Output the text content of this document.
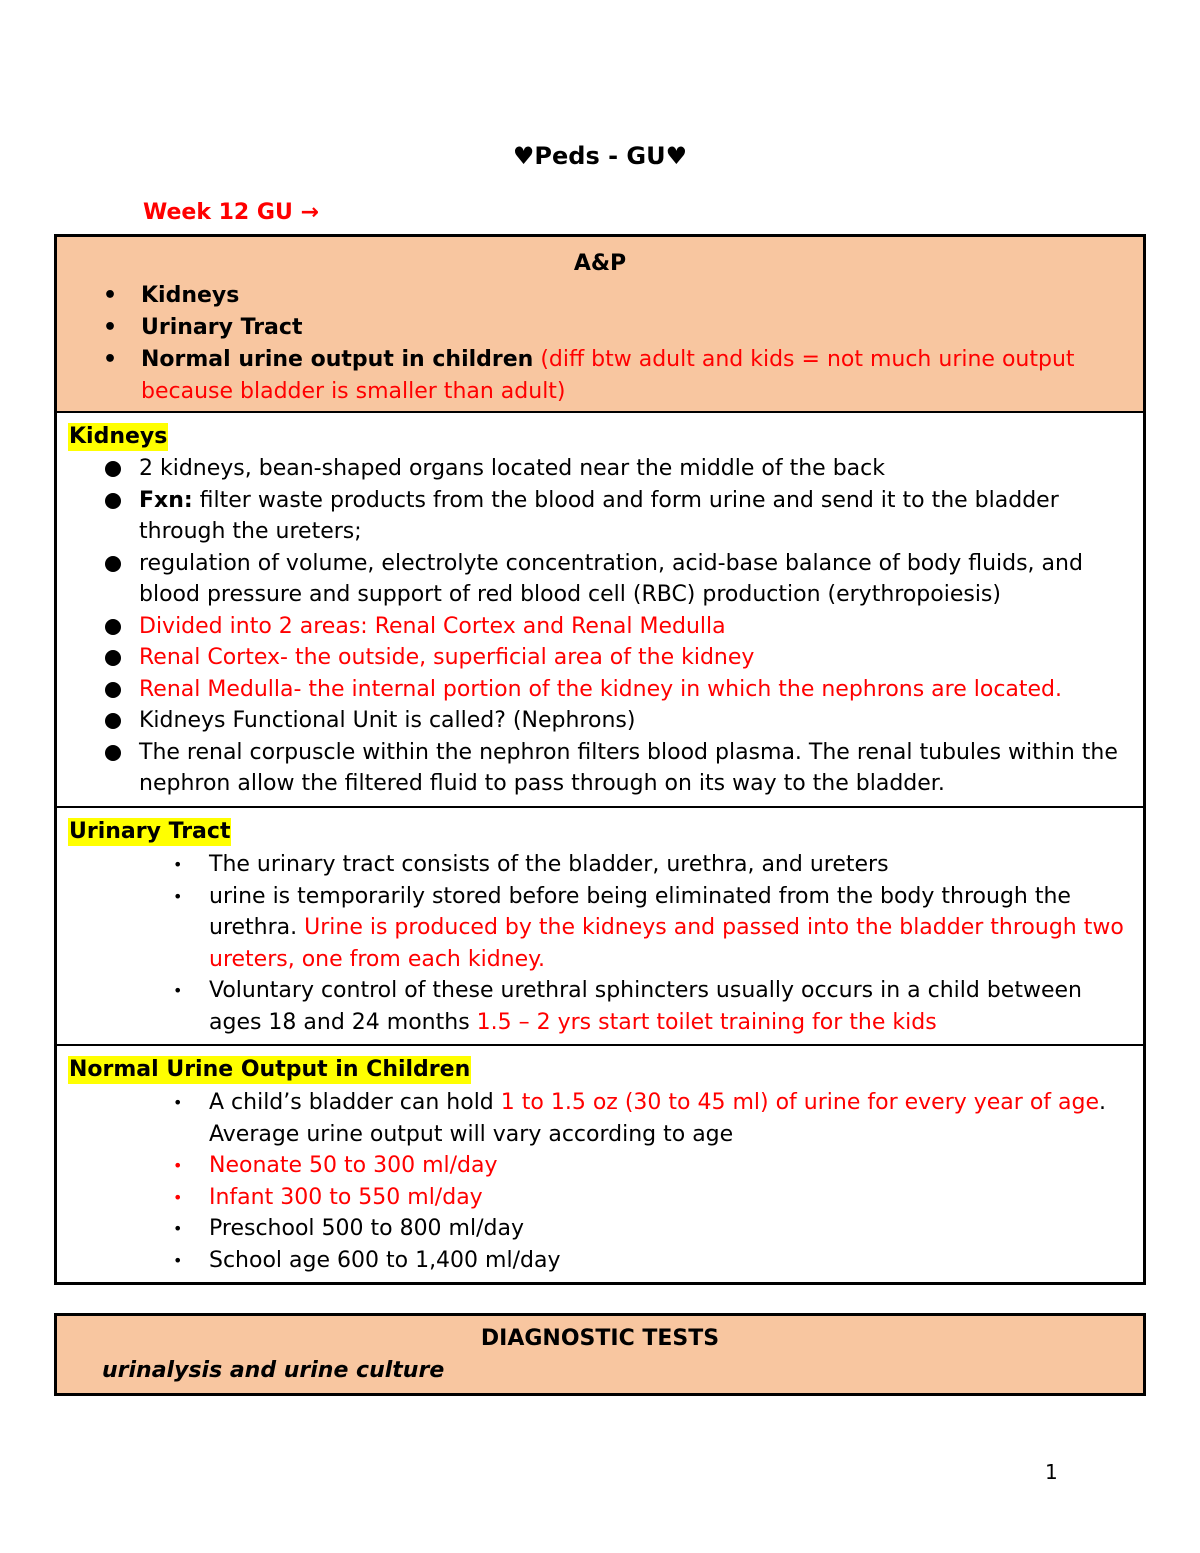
♥Peds - GU♥
Week 12 GU →
A&P
• Kidneys
• Urinary Tract
• Normal urine output in children (diff btw adult and kids = not much urine output because bladder is smaller than adult)
Kidneys
2 kidneys, bean-shaped organs located near the middle of the back
Fxn: filter waste products from the blood and form urine and send it to the bladder through the ureters;
regulation of volume, electrolyte concentration, acid-base balance of body fluids, and blood pressure and support of red blood cell (RBC) production (erythropoiesis)
Divided into 2 areas: Renal Cortex and Renal Medulla
Renal Cortex- the outside, superficial area of the kidney
Renal Medulla- the internal portion of the kidney in which the nephrons are located.
Kidneys Functional Unit is called? (Nephrons)
The renal corpuscle within the nephron filters blood plasma. The renal tubules within the nephron allow the filtered fluid to pass through on its way to the bladder.
Urinary Tract
• The urinary tract consists of the bladder, urethra, and ureters
• urine is temporarily stored before being eliminated from the body through the urethra. Urine is produced by the kidneys and passed into the bladder through two ureters, one from each kidney.
• Voluntary control of these urethral sphincters usually occurs in a child between ages 18 and 24 months 1.5 – 2 yrs start toilet training for the kids
Normal Urine Output in Children
• A child’s bladder can hold 1 to 1.5 oz (30 to 45 ml) of urine for every year of age. Average urine output will vary according to age
• Neonate 50 to 300 ml/day
• Infant 300 to 550 ml/day
• Preschool 500 to 800 ml/day
• School age 600 to 1,400 ml/day
DIAGNOSTIC TESTS
urinalysis and urine culture
1
